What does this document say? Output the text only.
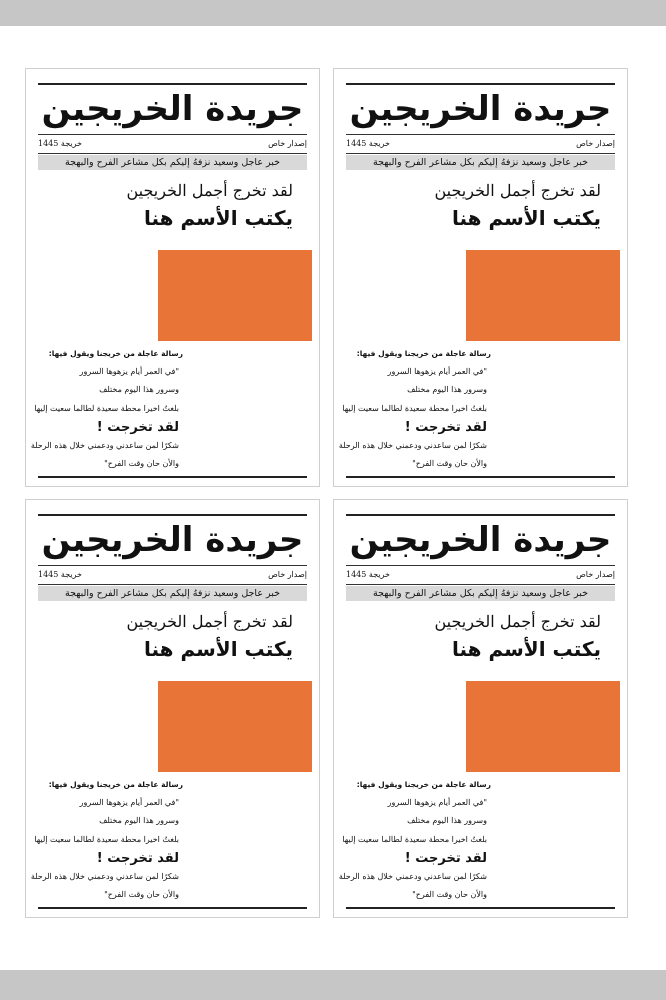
جريدة الخريجين
إصدار خاص
خريجة 1445
خبر عاجل وسعيد نزفهُ إليكم بكل مشاعر الفرح والبهجة
لقد تخرج أجمل الخريجين
يكتب الأسم هنا
رسالة عاجلة من خريجنا ويقول فيها:
"في العمر أيام يزهوها السرور
وسرور هذا اليوم مختلف
بلغتُ اخيرا محطة سعيدة لطالما سعيت إليها
لقد تخرجت !
شكرًا لمن ساعدني ودعمني خلال هذه الرحلة
والأن حان وقت الفرح"
جريدة الخريجين
إصدار خاص
خريجة 1445
خبر عاجل وسعيد نزفهُ إليكم بكل مشاعر الفرح والبهجة
لقد تخرج أجمل الخريجين
يكتب الأسم هنا
رسالة عاجلة من خريجنا ويقول فيها:
"في العمر أيام يزهوها السرور
وسرور هذا اليوم مختلف
بلغتُ اخيرا محطة سعيدة لطالما سعيت إليها
لقد تخرجت !
شكرًا لمن ساعدني ودعمني خلال هذه الرحلة
والأن حان وقت الفرح"
جريدة الخريجين
إصدار خاص
خريجة 1445
خبر عاجل وسعيد نزفهُ إليكم بكل مشاعر الفرح والبهجة
لقد تخرج أجمل الخريجين
يكتب الأسم هنا
رسالة عاجلة من خريجنا ويقول فيها:
"في العمر أيام يزهوها السرور
وسرور هذا اليوم مختلف
بلغتُ اخيرا محطة سعيدة لطالما سعيت إليها
لقد تخرجت !
شكرًا لمن ساعدني ودعمني خلال هذه الرحلة
والأن حان وقت الفرح"
جريدة الخريجين
إصدار خاص
خريجة 1445
خبر عاجل وسعيد نزفهُ إليكم بكل مشاعر الفرح والبهجة
لقد تخرج أجمل الخريجين
يكتب الأسم هنا
رسالة عاجلة من خريجنا ويقول فيها:
"في العمر أيام يزهوها السرور
وسرور هذا اليوم مختلف
بلغتُ اخيرا محطة سعيدة لطالما سعيت إليها
لقد تخرجت !
شكرًا لمن ساعدني ودعمني خلال هذه الرحلة
والأن حان وقت الفرح"
